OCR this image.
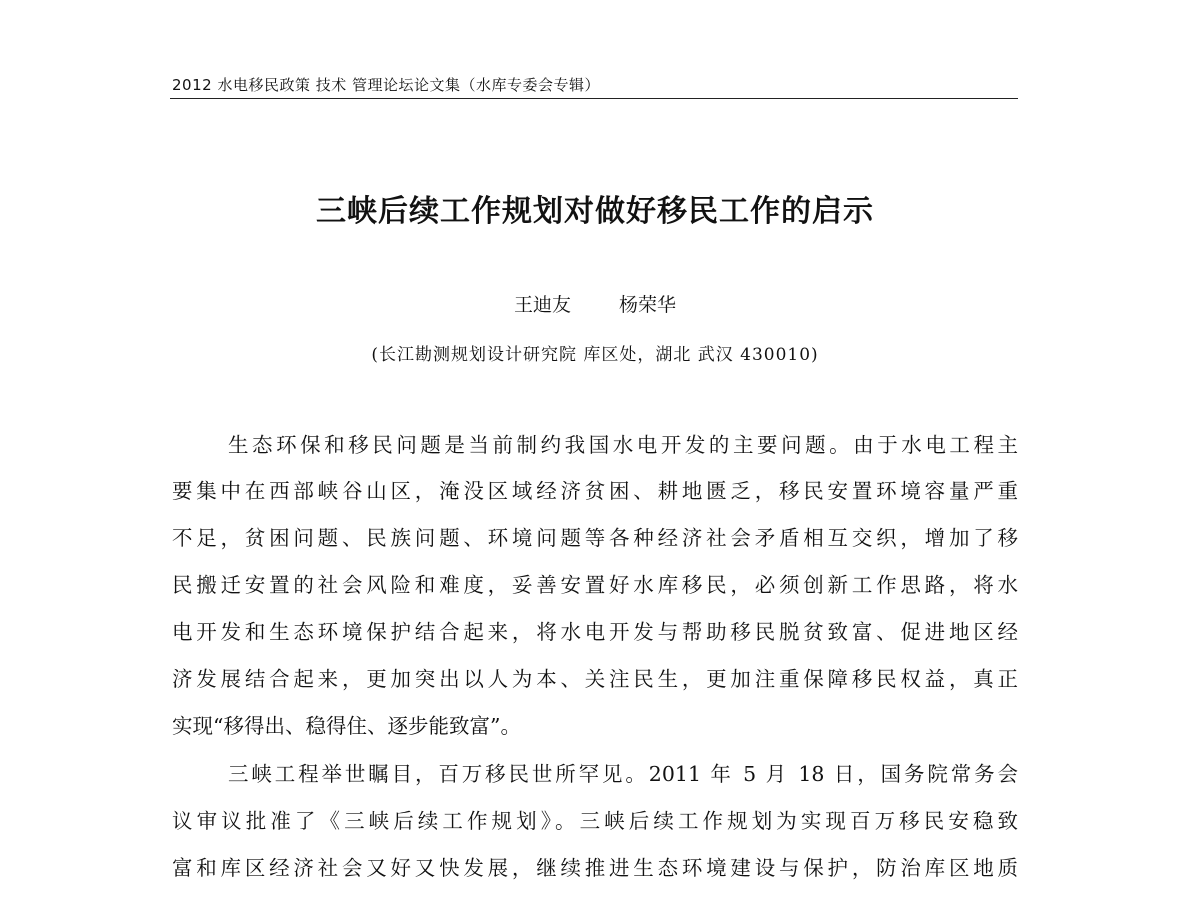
2012 水电移民政策 技术 管理论坛论文集（水库专委会专辑）
三峡后续工作规划对做好移民工作的启示
王迪友	杨荣华
(长江勘测规划设计研究院 库区处，湖北 武汉 430010)
生态环保和移民问题是当前制约我国水电开发的主要问题。由于水电工程主
要集中在西部峡谷山区，淹没区域经济贫困、耕地匮乏，移民安置环境容量严重
不足，贫困问题、民族问题、环境问题等各种经济社会矛盾相互交织，增加了移
民搬迁安置的社会风险和难度，妥善安置好水库移民，必须创新工作思路，将水
电开发和生态环境保护结合起来，将水电开发与帮助移民脱贫致富、促进地区经
济发展结合起来，更加突出以人为本、关注民生，更加注重保障移民权益，真正
实现“移得出、稳得住、逐步能致富”。
三峡工程举世瞩目，百万移民世所罕见。2011 年 5 月 18 日，国务院常务会
议审议批准了《三峡后续工作规划》。三峡后续工作规划为实现百万移民安稳致
富和库区经济社会又好又快发展，继续推进生态环境建设与保护，防治库区地质
